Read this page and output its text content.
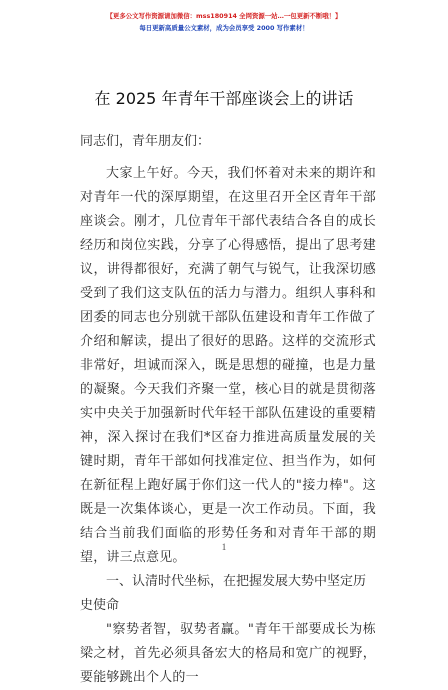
【更多公文写作资源请加微信：mss180914 全网资源一站…一包更新不断哦！】
每日更新高质量公文素材，成为会员享受 2000 写作素材！
在 2025 年青年干部座谈会上的讲话

同志们，青年朋友们：

大家上午好。今天，我们怀着对未来的期许和对青年一代的深厚期望，在这里召开全区青年干部座谈会。刚才，几位青年干部代表结合各自的成长经历和岗位实践，分享了心得感悟，提出了思考建议，讲得都很好，充满了朝气与锐气，让我深切感受到了我们这支队伍的活力与潜力。组织人事科和团委的同志也分别就干部队伍建设和青年工作做了介绍和解读，提出了很好的思路。这样的交流形式非常好，坦诚而深入，既是思想的碰撞，也是力量的凝聚。今天我们齐聚一堂，核心目的就是贯彻落实中央关于加强新时代年轻干部队伍建设的重要精神，深入探讨在我们*区奋力推进高质量发展的关键时期，青年干部如何找准定位、担当作为，如何在新征程上跑好属于你们这一代人的"接力棒"。这既是一次集体谈心，更是一次工作动员。下面，我结合当前我们面临的形势任务和对青年干部的期望，讲三点意见。

一、认清时代坐标，在把握发展大势中坚定历史使命

"察势者智，驭势者赢。"青年干部要成长为栋梁之材，首先必须具备宏大的格局和宽广的视野，要能够跳出个人的一

1
